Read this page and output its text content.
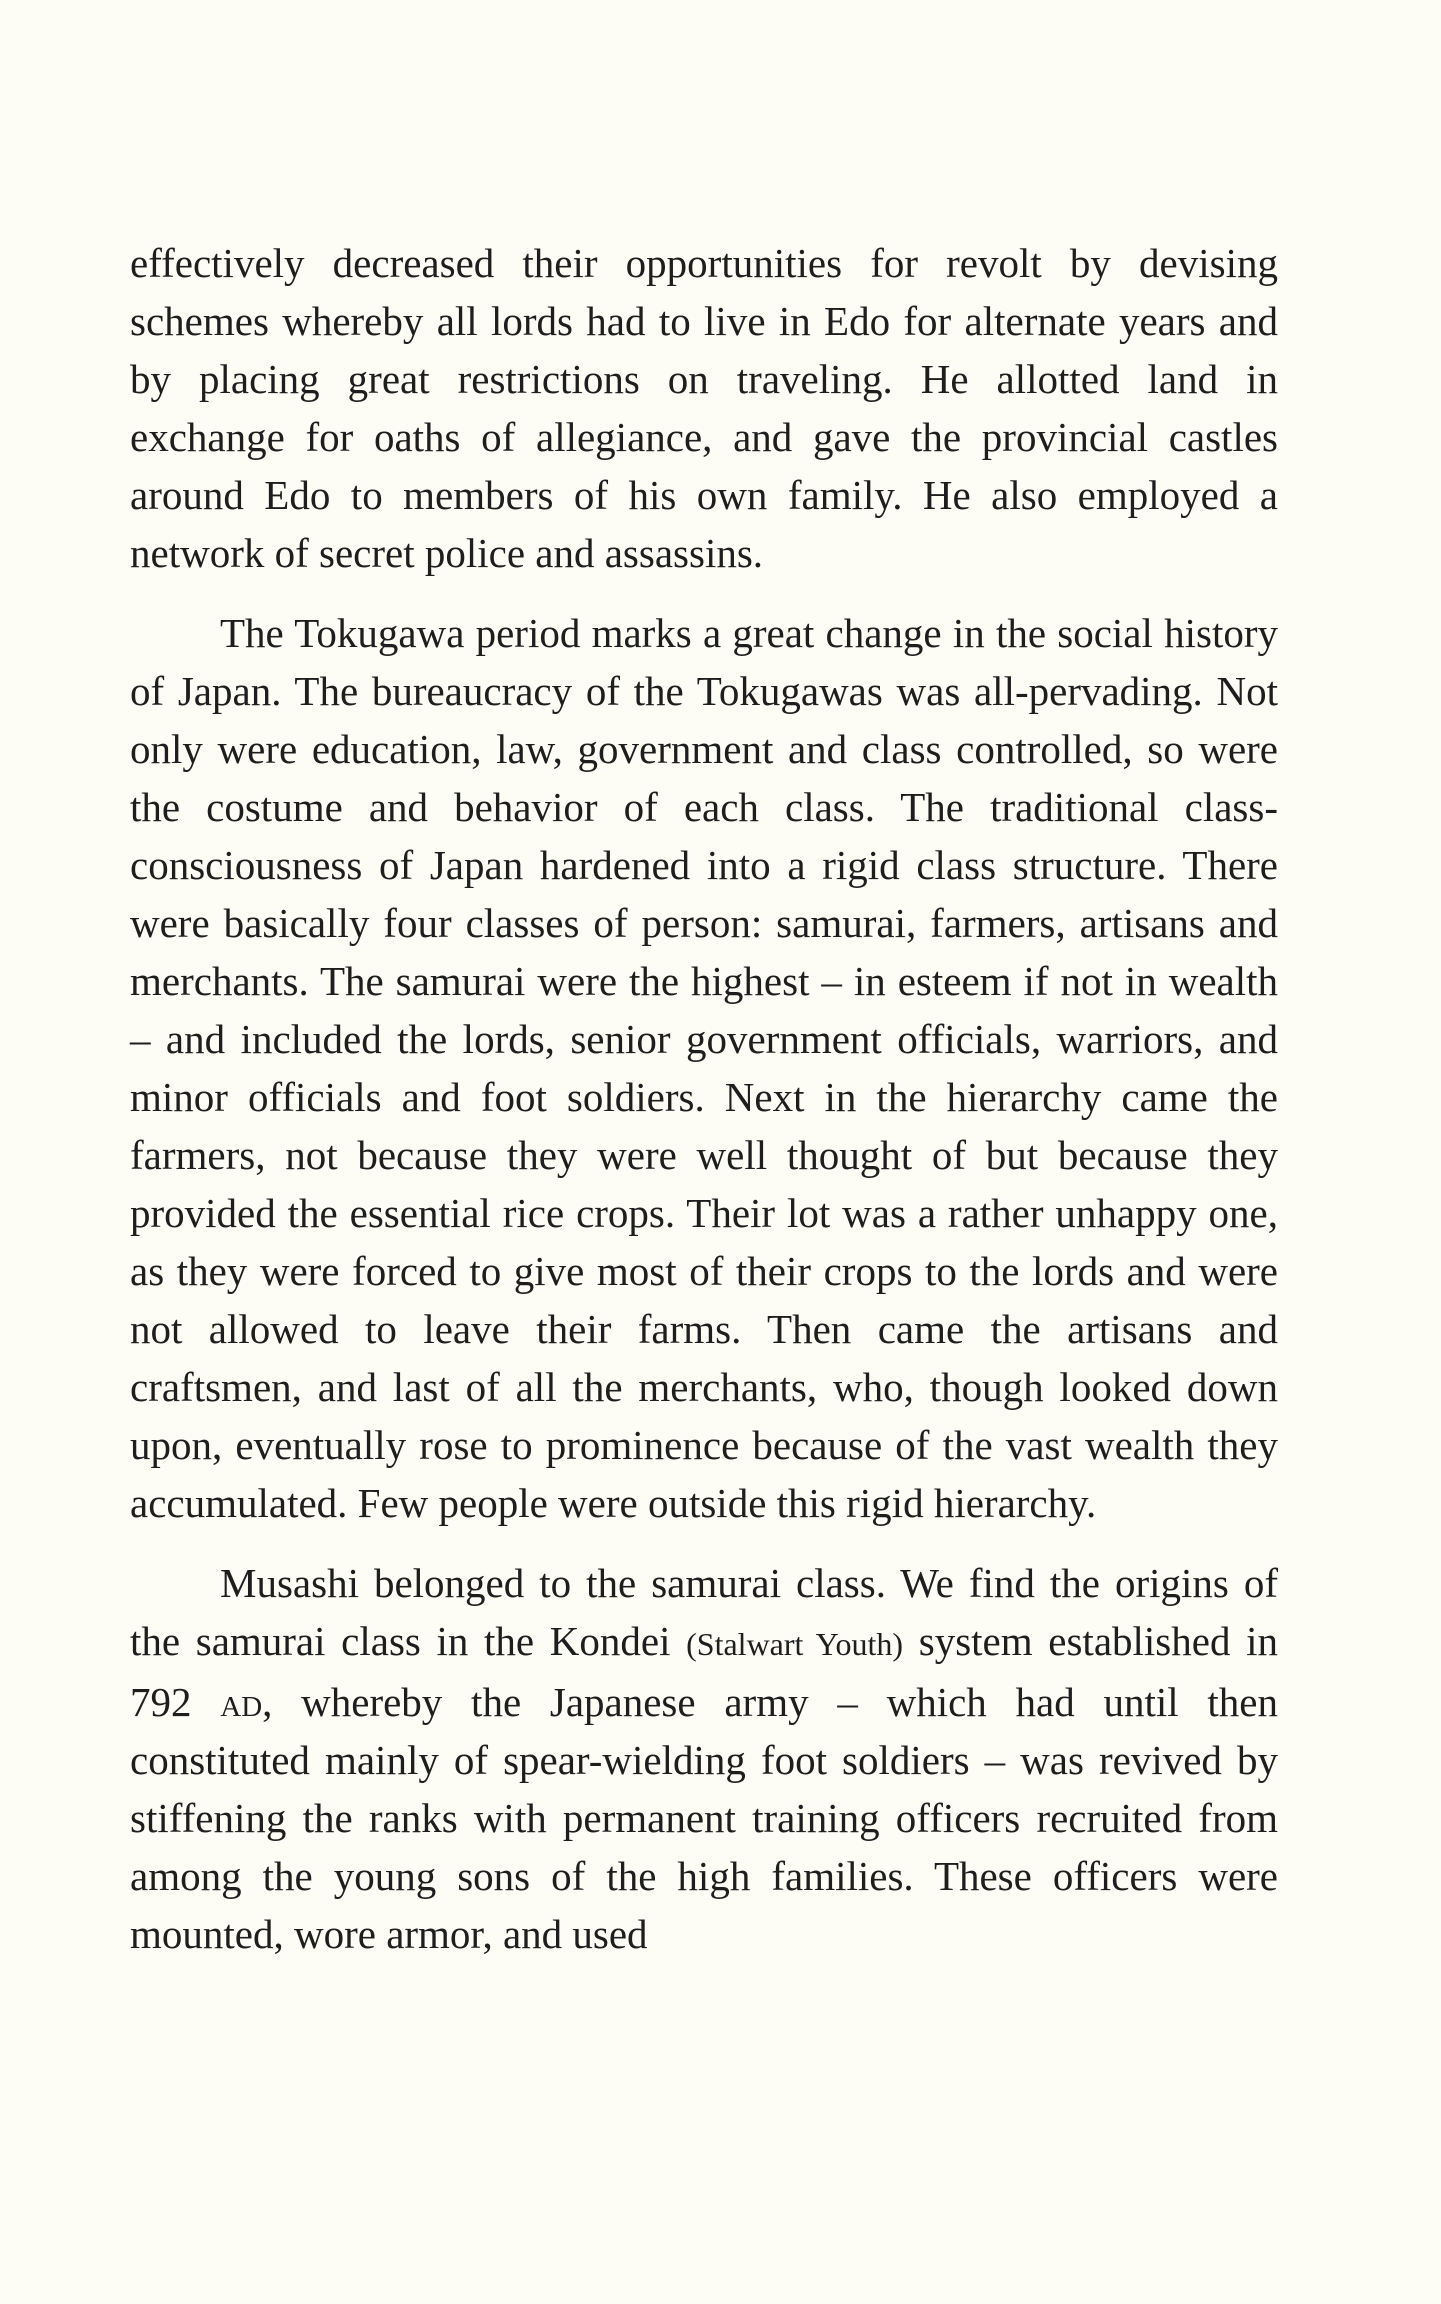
effectively decreased their opportunities for revolt by devising schemes whereby all lords had to live in Edo for alternate years and by placing great restrictions on traveling. He allotted land in exchange for oaths of allegiance, and gave the provincial castles around Edo to members of his own family. He also employed a network of secret police and assassins.

The Tokugawa period marks a great change in the social history of Japan. The bureaucracy of the Tokugawas was all-pervading. Not only were education, law, government and class controlled, so were the costume and behavior of each class. The traditional class-consciousness of Japan hardened into a rigid class structure. There were basically four classes of person: samurai, farmers, artisans and merchants. The samurai were the highest – in esteem if not in wealth – and included the lords, senior government officials, warriors, and minor officials and foot soldiers. Next in the hierarchy came the farmers, not because they were well thought of but because they provided the essential rice crops. Their lot was a rather unhappy one, as they were forced to give most of their crops to the lords and were not allowed to leave their farms. Then came the artisans and craftsmen, and last of all the merchants, who, though looked down upon, eventually rose to prominence because of the vast wealth they accumulated. Few people were outside this rigid hierarchy.

Musashi belonged to the samurai class. We find the origins of the samurai class in the Kondei (Stalwart Youth) system established in 792 ad, whereby the Japanese army – which had until then constituted mainly of spear-wielding foot soldiers – was revived by stiffening the ranks with permanent training officers recruited from among the young sons of the high families. These officers were mounted, wore armor, and used
